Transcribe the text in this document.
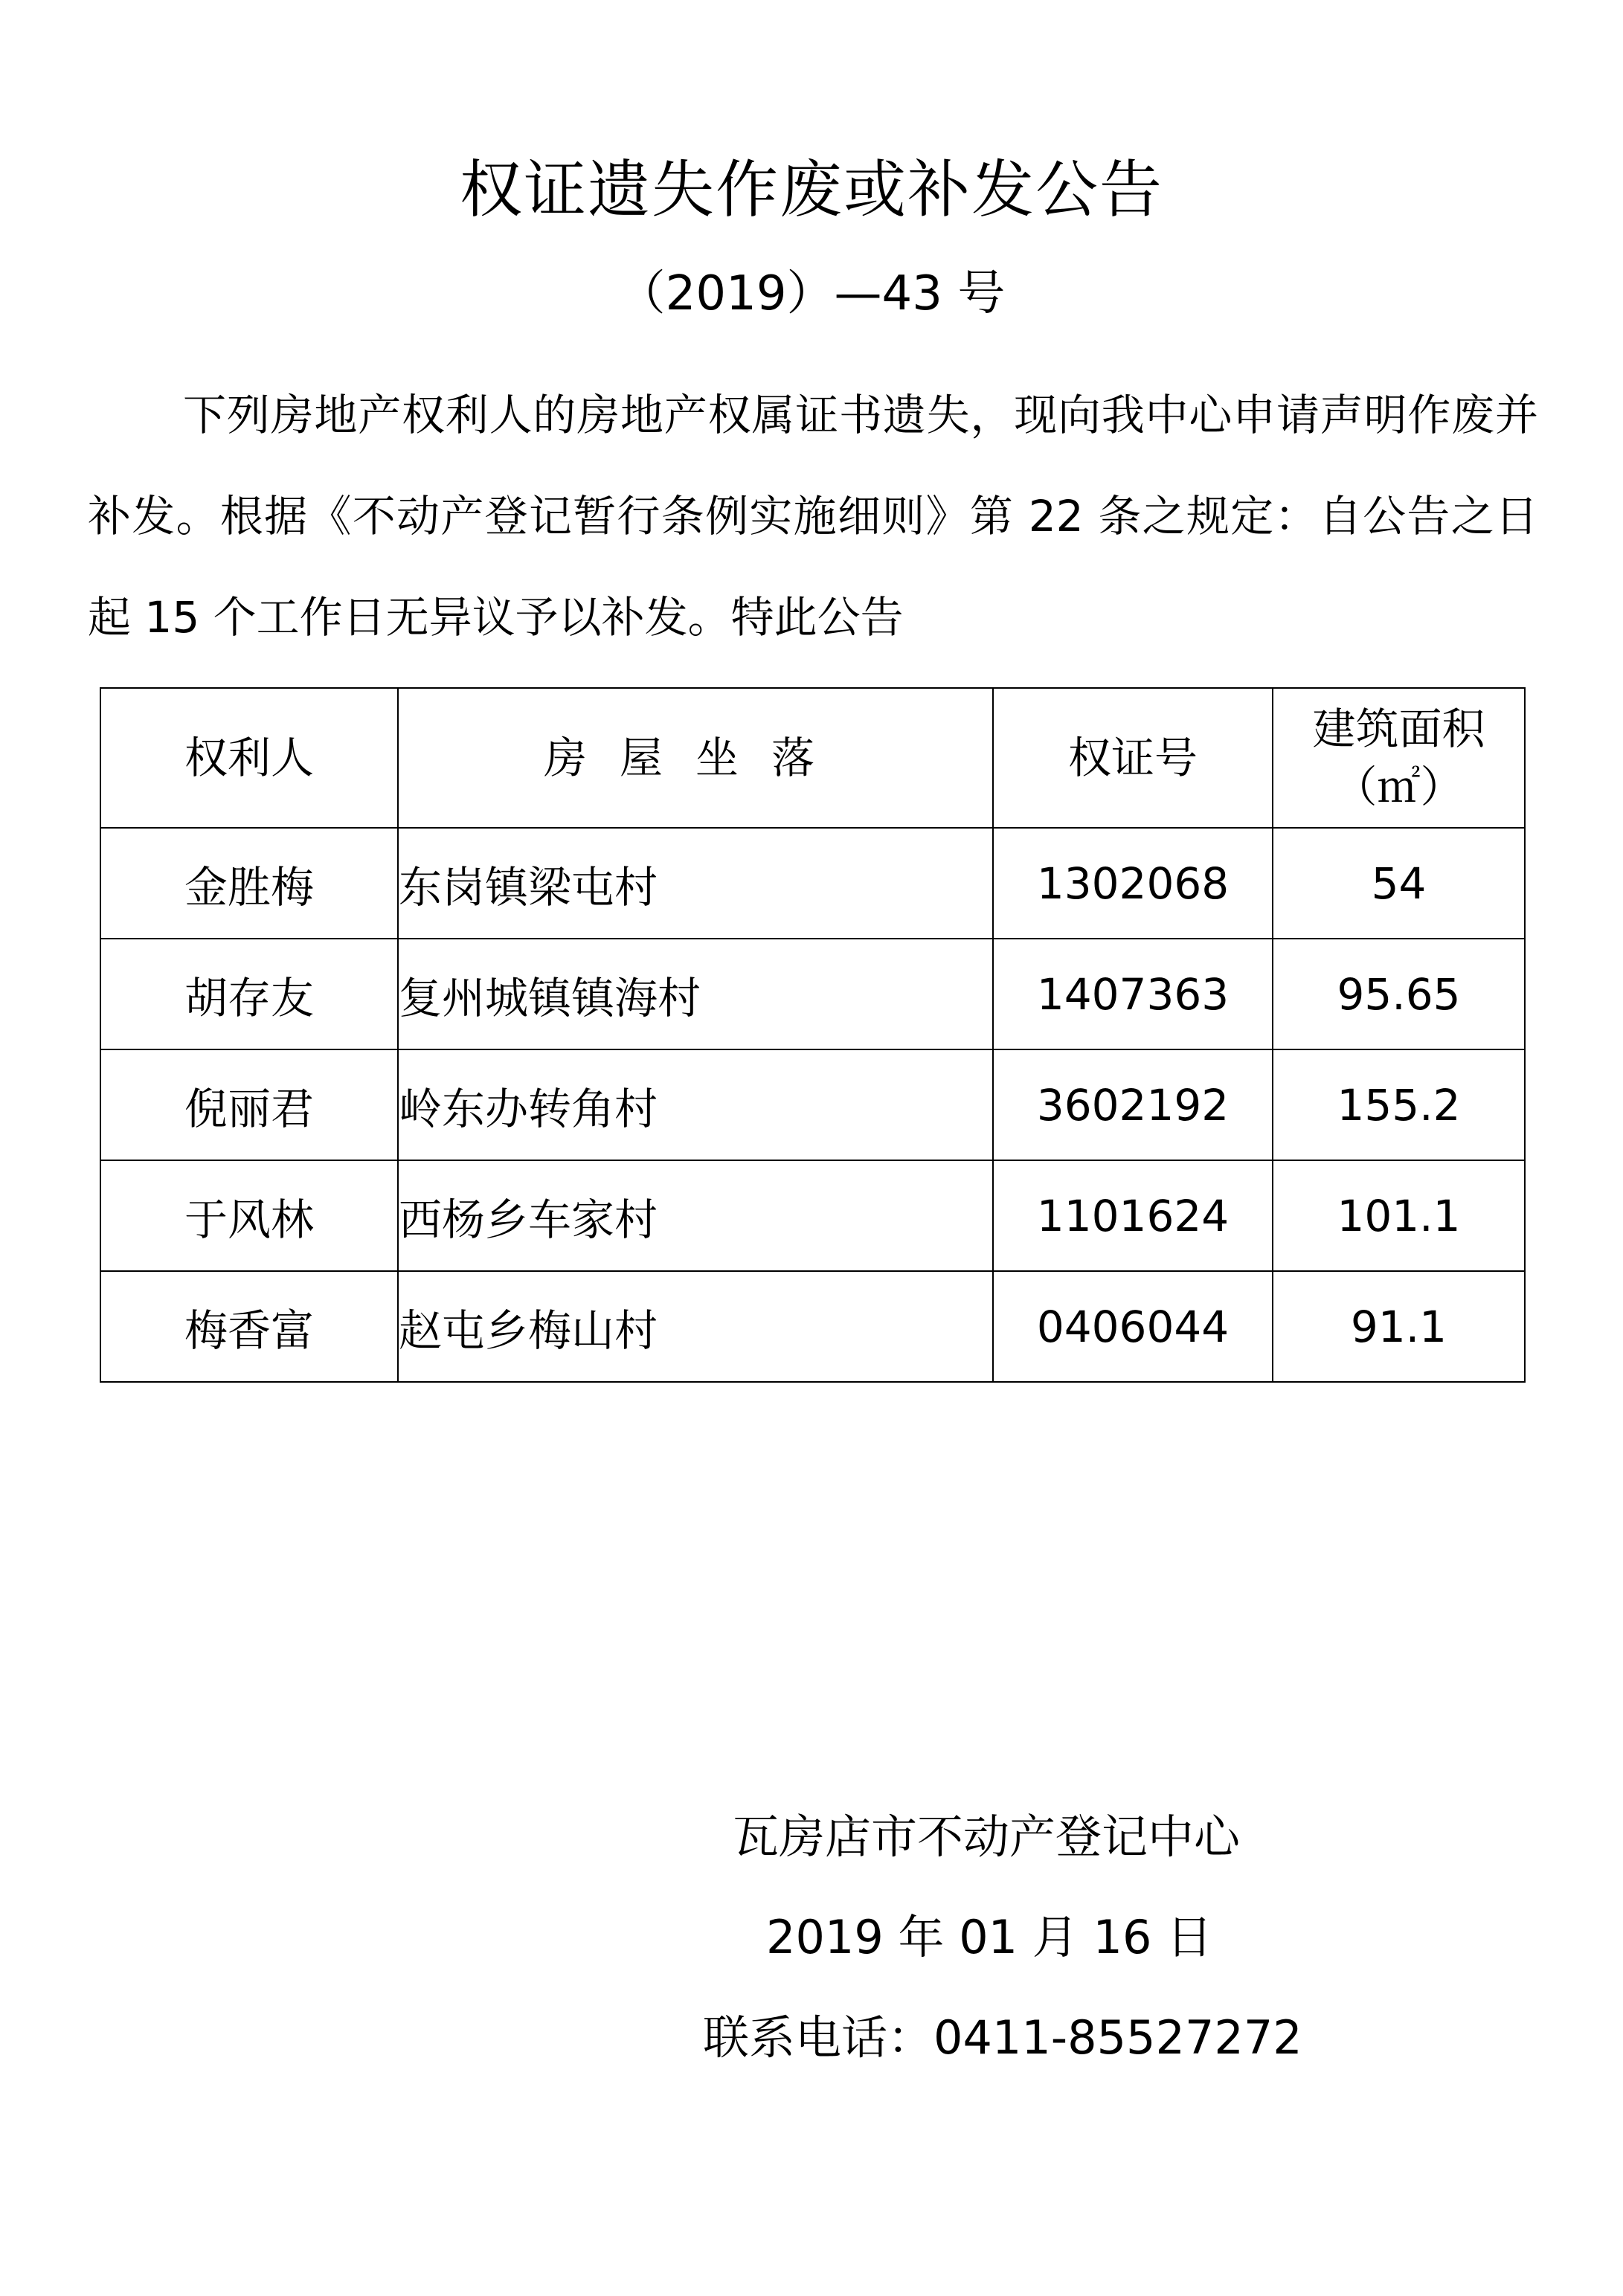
权证遗失作废或补发公告
（2019）—43 号

下列房地产权利人的房地产权属证书遗失，现向我中心申请声明作废并补发。根据《不动产登记暂行条例实施细则》第 22 条之规定：自公告之日起 15 个工作日无异议予以补发。特此公告

权利人	房屋坐落	权证号	建筑面积
（㎡）

金胜梅	东岗镇梁屯村	1302068	54
胡存友	复州城镇镇海村	1407363	95.65
倪丽君	岭东办转角村	3602192	155.2
于风林	西杨乡车家村	1101624	101.1
梅香富	赵屯乡梅山村	0406044	91.1
瓦房店市不动产登记中心
2019 年 01 月 16 日
联系电话：0411-85527272
